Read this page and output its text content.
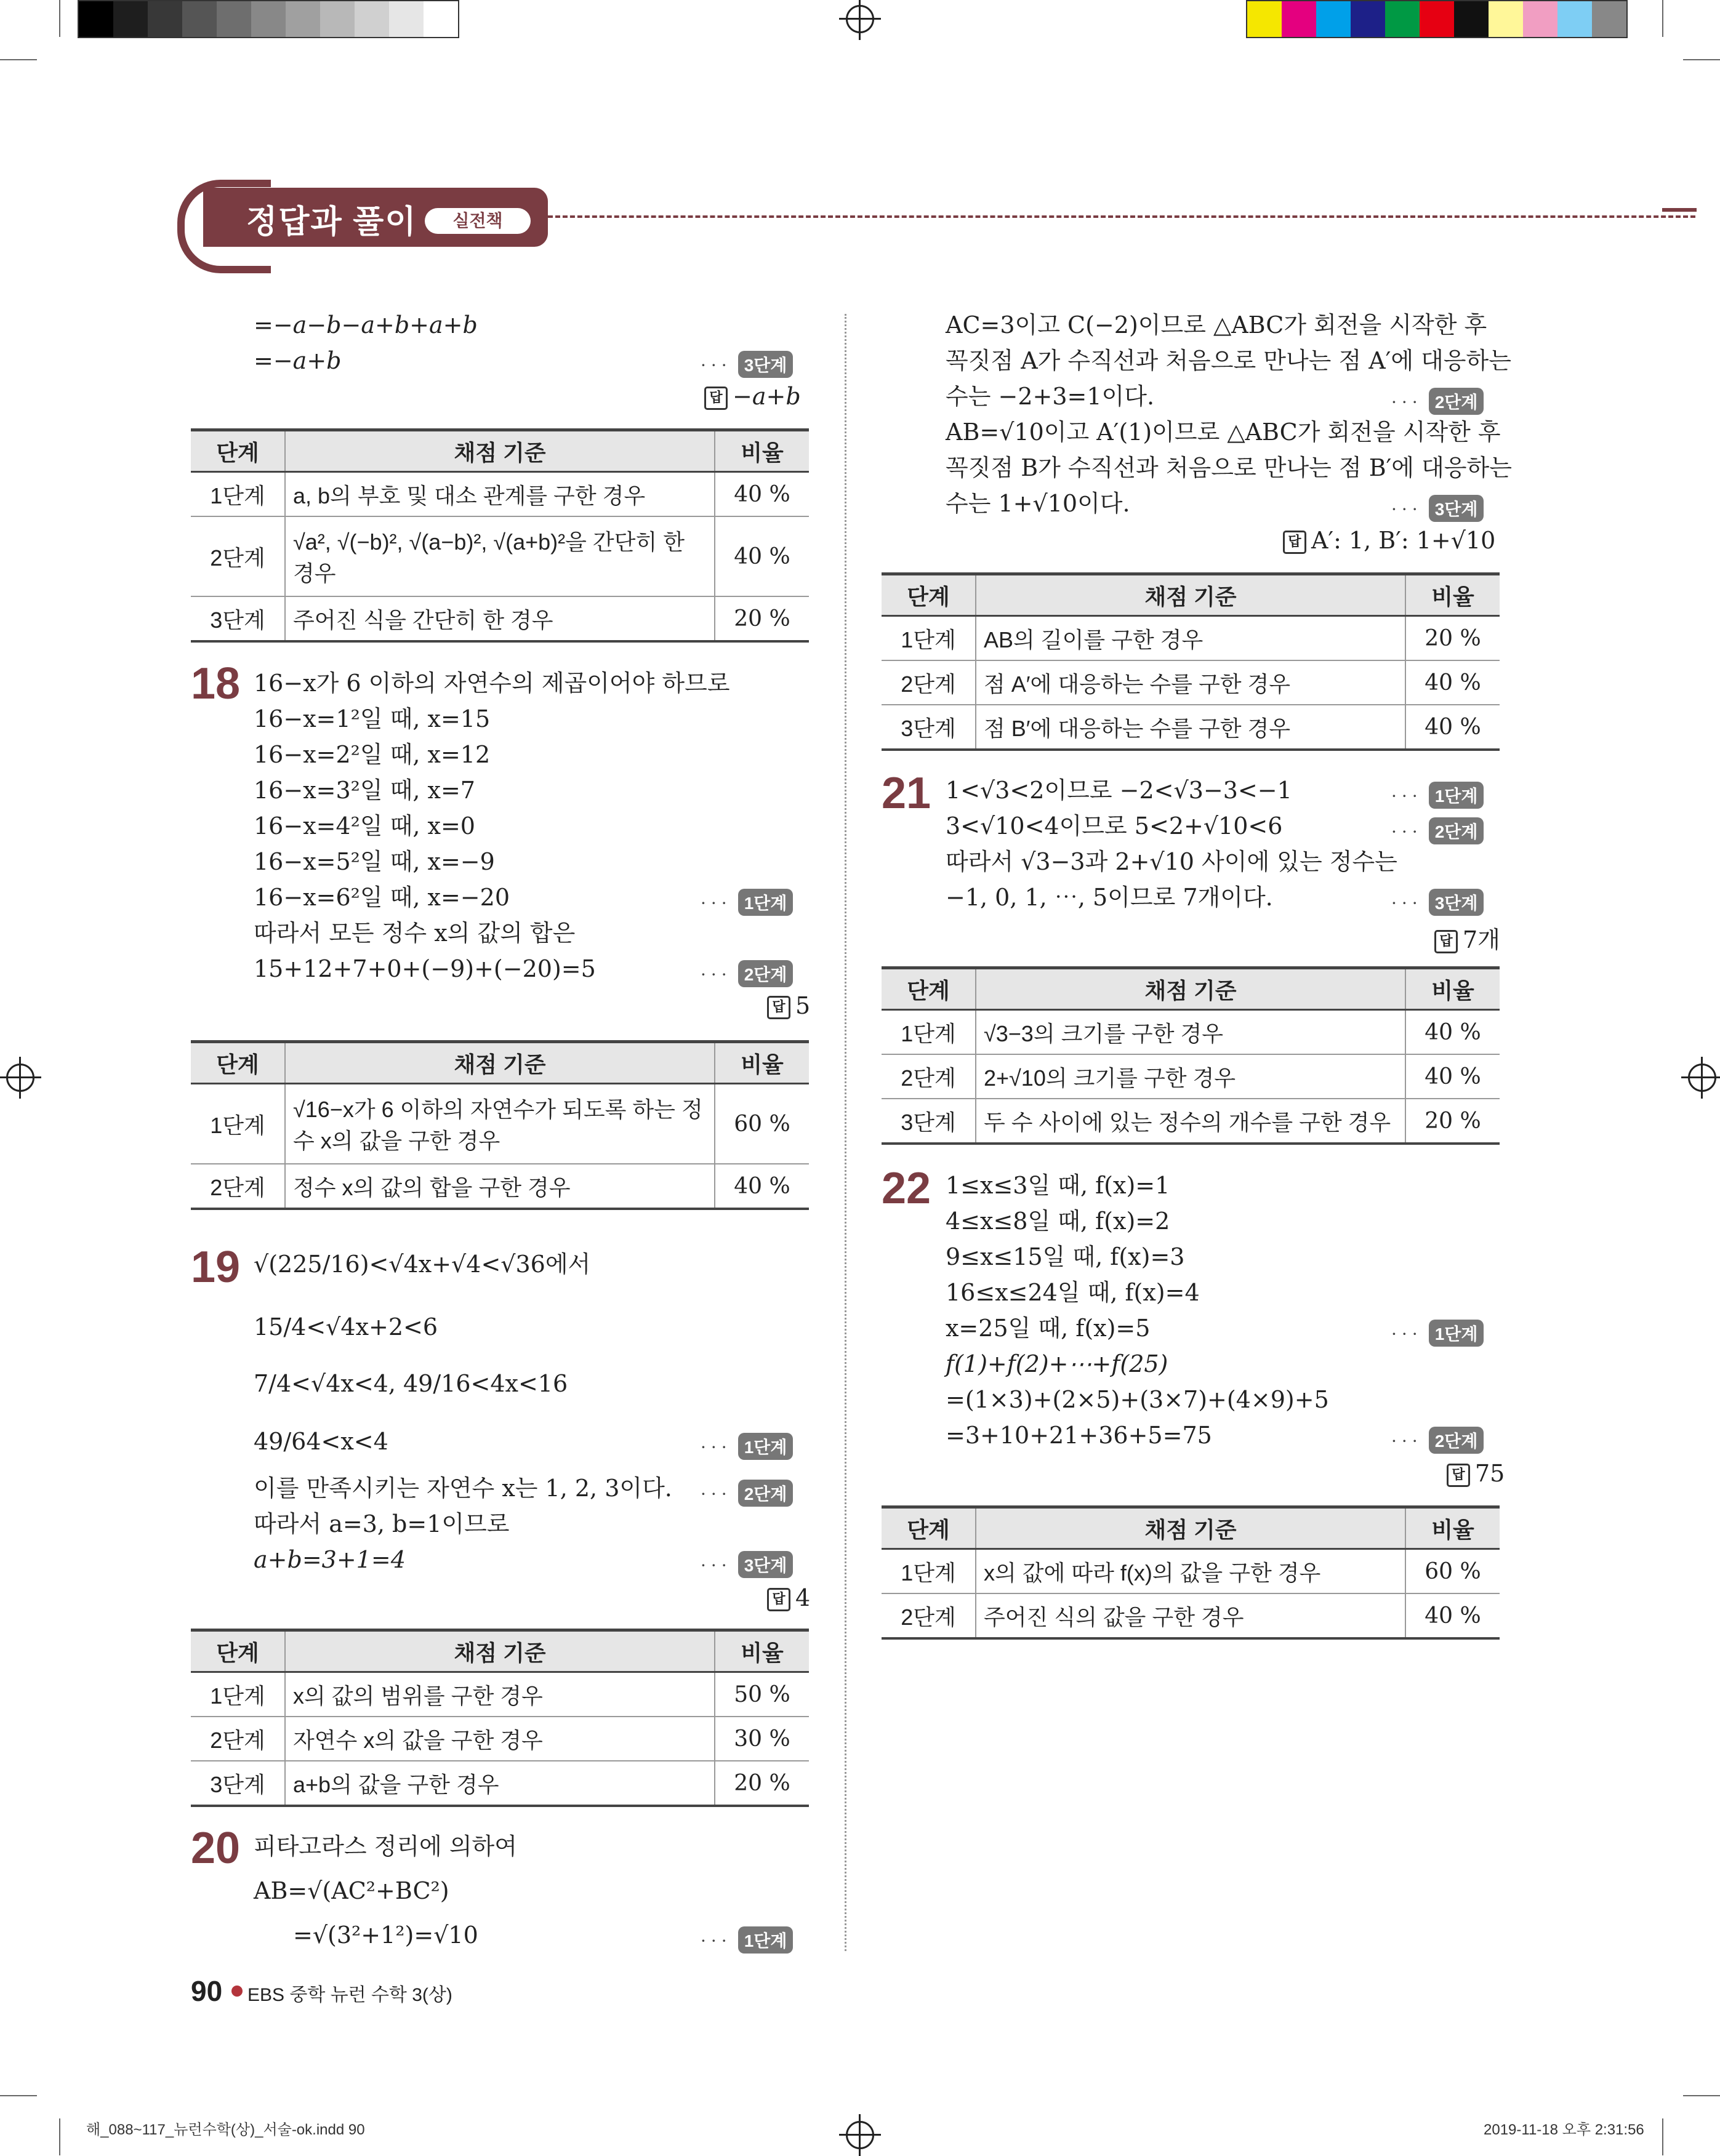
정답과 풀이	실전책
=−a−b−a+b+a+b
=−a+b	··· 3단계
답 −a+b
단계	채점 기준	비율
1단계	a, b의 부호 및 대소 관계를 구한 경우	40 %
2단계	√a², √(−b)², √(a−b)², √(a+b)²을 간단히 한 경우	40 %
3단계	주어진 식을 간단히 한 경우	20 %
18 16−x가 6 이하의 자연수의 제곱이어야 하므로
16−x=1²일 때, x=15
16−x=2²일 때, x=12
16−x=3²일 때, x=7
16−x=4²일 때, x=0
16−x=5²일 때, x=−9
16−x=6²일 때, x=−20	··· 1단계
따라서 모든 정수 x의 값의 합은
15+12+7+0+(−9)+(−20)=5	··· 2단계
답 5
단계	채점 기준	비율
1단계	√16−x가 6 이하의 자연수가 되도록 하는 정수 x의 값을 구한 경우	60 %
2단계	정수 x의 값의 합을 구한 경우	40 %
19 √(225/16)<√4x+√4<√36에서
15/4<√4x+2<6
7/4<√4x<4, 49/16<4x<16
49/64<x<4	··· 1단계
이를 만족시키는 자연수 x는 1, 2, 3이다. ··· 2단계
따라서 a=3, b=1이므로
a+b=3+1=4	··· 3단계
답 4
단계	채점 기준	비율
1단계	x의 값의 범위를 구한 경우	50 %
2단계	자연수 x의 값을 구한 경우	30 %
3단계	a+b의 값을 구한 경우	20 %
20 피타고라스 정리에 의하여
AB=√(AC²+BC²)
=√(3²+1²)=√10	··· 1단계
AC=3이고 C(−2)이므로 △ABC가 회전을 시작한 후
꼭짓점 A가 수직선과 처음으로 만나는 점 A′에 대응하는
수는 −2+3=1이다.	··· 2단계
AB=√10이고 A′(1)이므로 △ABC가 회전을 시작한 후
꼭짓점 B가 수직선과 처음으로 만나는 점 B′에 대응하는
수는 1+√10이다.	··· 3단계
답 A′: 1, B′: 1+√10
단계	채점 기준	비율
1단계	AB의 길이를 구한 경우	20 %
2단계	점 A′에 대응하는 수를 구한 경우	40 %
3단계	점 B′에 대응하는 수를 구한 경우	40 %
21 1<√3<2이므로 −2<√3−3<−1	··· 1단계
3<√10<4이므로 5<2+√10<6	··· 2단계
따라서 √3−3과 2+√10 사이에 있는 정수는
−1, 0, 1, ⋯, 5이므로 7개이다.	··· 3단계
답 7개
단계	채점 기준	비율
1단계	√3−3의 크기를 구한 경우	40 %
2단계	2+√10의 크기를 구한 경우	40 %
3단계	두 수 사이에 있는 정수의 개수를 구한 경우	20 %
22 1≤x≤3일 때, f(x)=1
4≤x≤8일 때, f(x)=2
9≤x≤15일 때, f(x)=3
16≤x≤24일 때, f(x)=4
x=25일 때, f(x)=5	··· 1단계
f(1)+f(2)+⋯+f(25)
=(1×3)+(2×5)+(3×7)+(4×9)+5
=3+10+21+36+5=75	··· 2단계
답 75
단계	채점 기준	비율
1단계	x의 값에 따라 f(x)의 값을 구한 경우	60 %
2단계	주어진 식의 값을 구한 경우	40 %
90 EBS 중학 뉴런 수학 3(상)
해_088~117_뉴런수학(상)_서술-ok.indd 90	2019-11-18 오후 2:31:56
